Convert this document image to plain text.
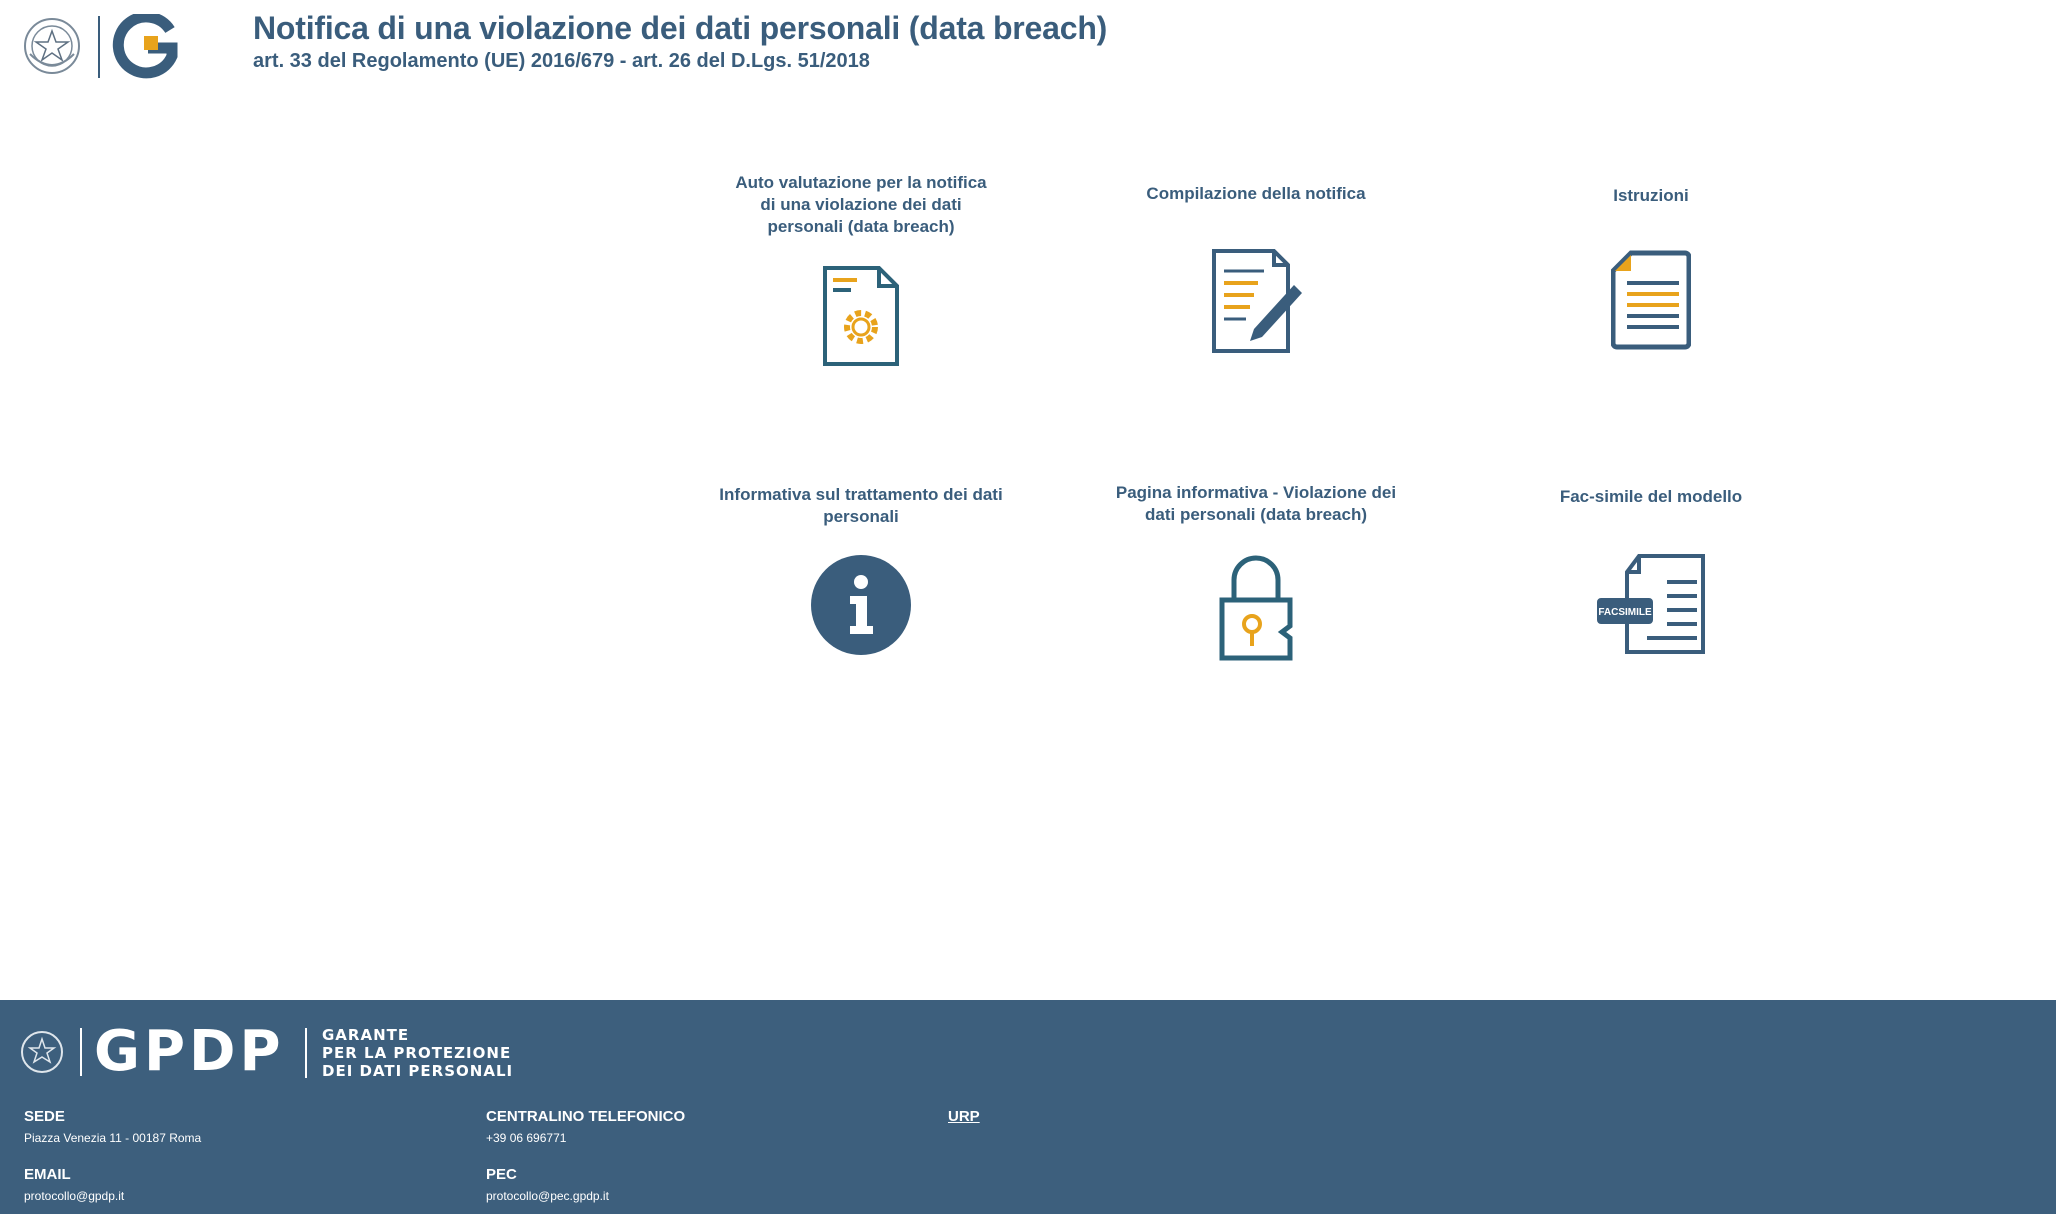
Notifica di una violazione dei dati personali (data breach)
art. 33 del Regolamento (UE) 2016/679 - art. 26 del D.Lgs. 51/2018
Auto valutazione per la notifica di una violazione dei dati personali (data breach)
Compilazione della notifica	Istruzioni
Informativa sul trattamento dei dati personali
Pagina informativa - Violazione dei dati personali (data breach)
Fac-simile del modello
FACSIMILE
GPDP GARANTE
PER LA PROTEZIONE
DEI DATI PERSONALI
SEDE
Piazza Venezia 11 - 00187 Roma
EMAIL
protocollo@gpdp.it
CENTRALINO TELEFONICO
+39 06 696771
PEC
protocollo@pec.gpdp.it
URP
